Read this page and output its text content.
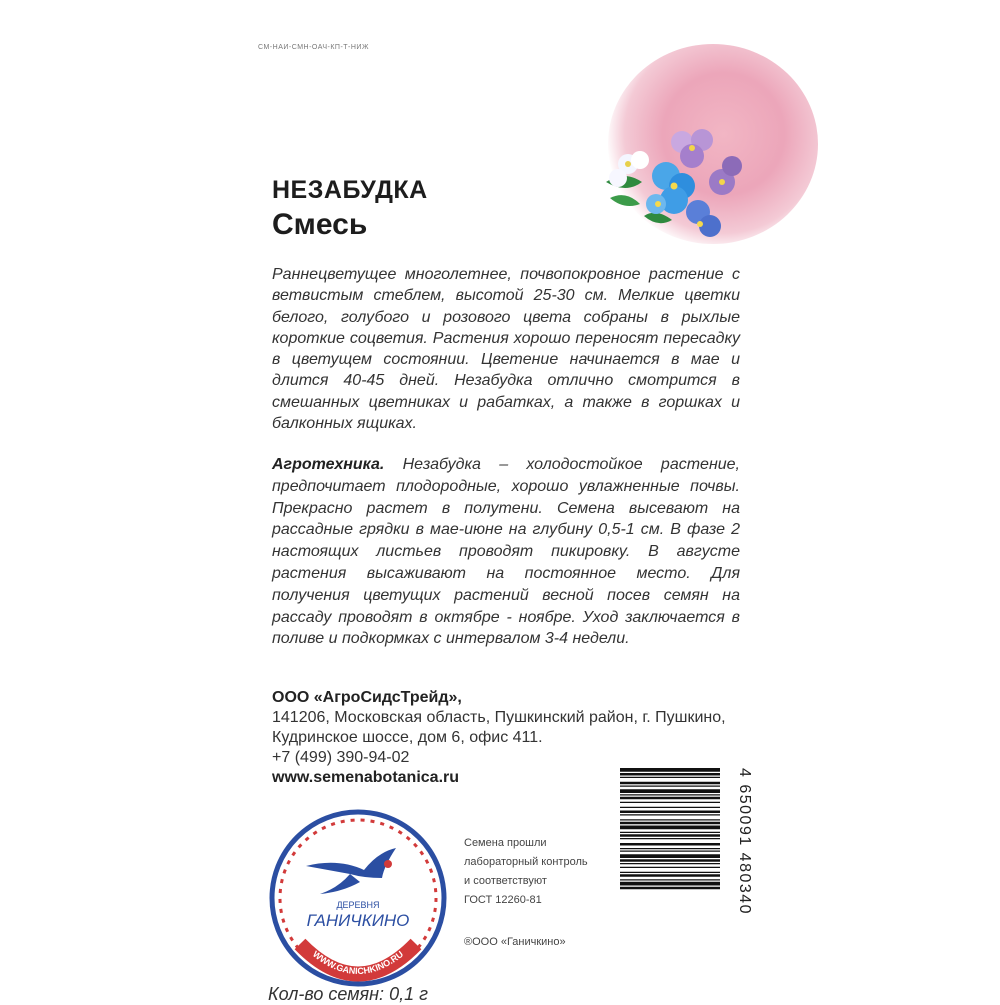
СМ-НАИ-СМН-ОАЧ-КП-Т-НИЖ
НЕЗАБУДКА
Смесь

Раннецветущее многолетнее, почвопокровное растение с ветвистым стеблем, высотой 25-30 см. Мелкие цветки белого, голубого и розового цвета собраны в рыхлые короткие соцветия. Растения хорошо переносят пересадку в цветущем состоянии. Цветение начинается в мае и длится 40-45 дней. Незабудка отлично смотрится в смешанных цветниках и рабатках, а также в горшках и балконных ящиках.

Агротехника. Незабудка – холодостойкое растение, предпочитает плодородные, хорошо увлажненные почвы. Прекрасно растет в полутени. Семена высевают на рассадные грядки в мае-июне на глубину 0,5-1 см. В фазе 2 настоящих листьев проводят пикировку. В августе растения высаживают на постоянное место. Для получения цветущих растений весной посев семян на рассаду проводят в октябре - ноябре. Уход заключается в поливе и подкормках с интервалом 3-4 недели.

ООО «АгроСидсТрейд»,
141206, Московская область, Пушкинский район, г. Пушкино,
Кудринское шоссе, дом 6, офис 411.
+7 (499) 390-94-02
www.semenabotanica.ru
ДЕРЕВНЯ
ГАНИЧКИНО
WWW.GANICHKINO.RU
Семена прошли
лабораторный контроль
и соответствуют
ГОСТ 12260-81
®ООО «Ганичкино»
4 650091 480340
Кол-во семян: 0,1 г
